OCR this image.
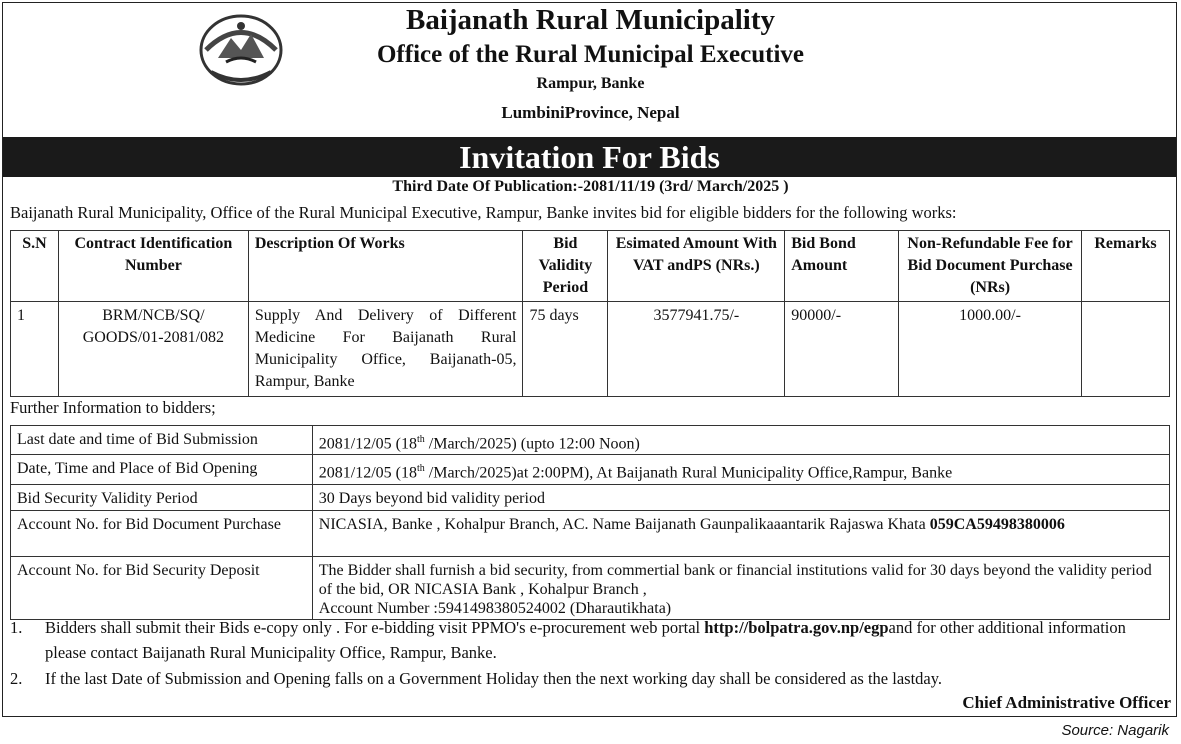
Baijanath Rural Municipality
Office of the Rural Municipal Executive
Rampur, Banke
LumbiniProvince, Nepal
Invitation For Bids
Third Date Of Publication:-2081/11/19 (3rd/ March/2025 )
Baijanath Rural Municipality, Office of the Rural Municipal Executive, Rampur, Banke invites bid for eligible bidders for the following works:
S.N	Contract Identification Number	Description Of Works	Bid Validity Period	Esimated Amount With VAT andPS (NRs.)	Bid Bond Amount	Non-Refundable Fee for Bid Document Purchase (NRs)	Remarks
1	BRM/NCB/SQ/ GOODS/01-2081/082	Supply And Delivery of Different Medicine For Baijanath Rural Municipality Office, Baijanath-05, Rampur, Banke	75 days	3577941.75/-	90000/-	1000.00/-	
Further Information to bidders;
Last date and time of Bid Submission	2081/12/05 (18th /March/2025) (upto 12:00 Noon)
Date, Time and Place of Bid Opening	2081/12/05 (18th /March/2025)at 2:00PM), At Baijanath Rural Municipality Office,Rampur, Banke
Bid Security Validity Period	30 Days beyond bid validity period
Account No. for Bid Document Purchase	NICASIA, Banke , Kohalpur Branch, AC. Name Baijanath Gaunpalikaaantarik Rajaswa Khata 059CA59498380006
Account No. for Bid Security Deposit	The Bidder shall furnish a bid security, from commertial bank or financial institutions valid for 30 days beyond the validity period of the bid, OR NICASIA Bank , Kohalpur Branch ,
Account Number :5941498380524002 (Dharautikhata)
1. Bidders shall submit their Bids e-copy only . For e-bidding visit PPMO's e-procurement web portal http://bolpatra.gov.np/egpand for other additional information please contact Baijanath Rural Municipality Office, Rampur, Banke.
2. If the last Date of Submission and Opening falls on a Government Holiday then the next working day shall be considered as the lastday.
Chief Administrative Officer
Source: Nagarik
